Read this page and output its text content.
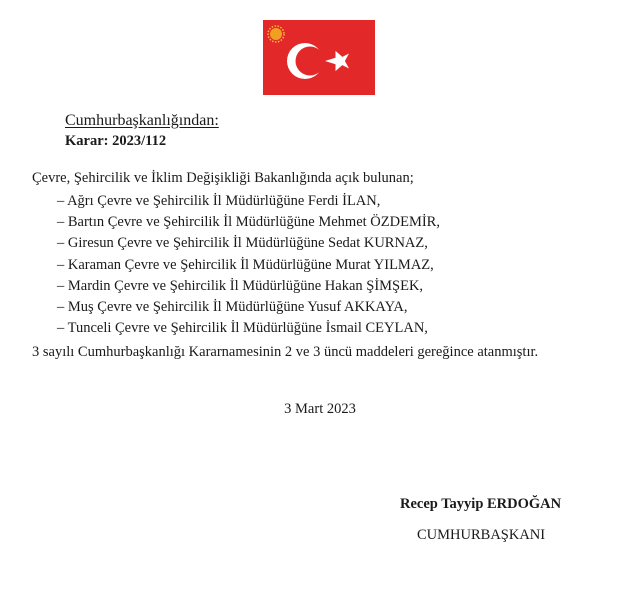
Cumhurbaşkanlığından:
Karar: 2023/112
Çevre, Şehircilik ve İklim Değişikliği Bakanlığında açık bulunan;
– Ağrı Çevre ve Şehircilik İl Müdürlüğüne Ferdi İLAN,
– Bartın Çevre ve Şehircilik İl Müdürlüğüne Mehmet ÖZDEMİR,
– Giresun Çevre ve Şehircilik İl Müdürlüğüne Sedat KURNAZ,
– Karaman Çevre ve Şehircilik İl Müdürlüğüne Murat YILMAZ,
– Mardin Çevre ve Şehircilik İl Müdürlüğüne Hakan ŞİMŞEK,
– Muş Çevre ve Şehircilik İl Müdürlüğüne Yusuf AKKAYA,
– Tunceli Çevre ve Şehircilik İl Müdürlüğüne İsmail CEYLAN,
3 sayılı Cumhurbaşkanlığı Kararnamesinin 2 ve 3 üncü maddeleri gereğince atanmıştır.
3 Mart 2023
Recep Tayyip ERDOĞAN
CUMHURBAŞKANI
